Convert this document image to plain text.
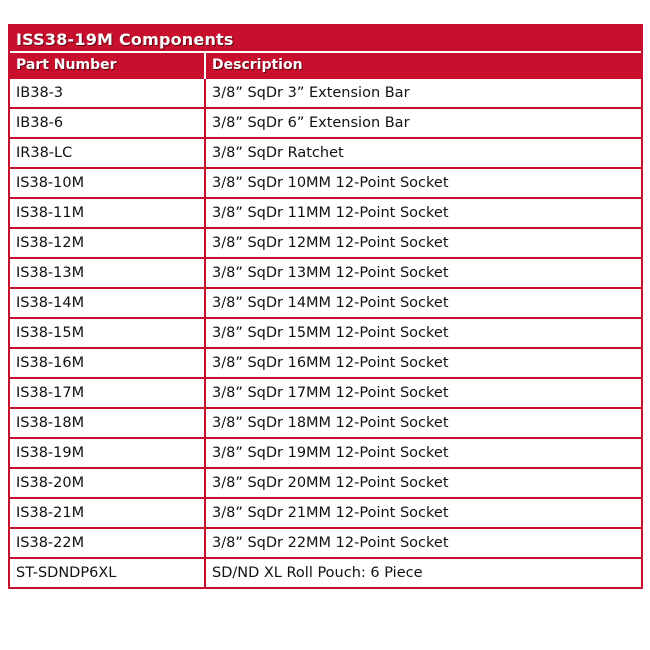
ISS38-19M Components
Part Number	Description
IB38-3	3/8” SqDr 3” Extension Bar
IB38-6	3/8” SqDr 6” Extension Bar
IR38-LC	3/8” SqDr Ratchet
IS38-10M	3/8” SqDr 10MM 12-Point Socket
IS38-11M	3/8” SqDr 11MM 12-Point Socket
IS38-12M	3/8” SqDr 12MM 12-Point Socket
IS38-13M	3/8” SqDr 13MM 12-Point Socket
IS38-14M	3/8” SqDr 14MM 12-Point Socket
IS38-15M	3/8” SqDr 15MM 12-Point Socket
IS38-16M	3/8” SqDr 16MM 12-Point Socket
IS38-17M	3/8” SqDr 17MM 12-Point Socket
IS38-18M	3/8” SqDr 18MM 12-Point Socket
IS38-19M	3/8” SqDr 19MM 12-Point Socket
IS38-20M	3/8” SqDr 20MM 12-Point Socket
IS38-21M	3/8” SqDr 21MM 12-Point Socket
IS38-22M	3/8” SqDr 22MM 12-Point Socket
ST-SDNDP6XL	SD/ND XL Roll Pouch: 6 Piece
